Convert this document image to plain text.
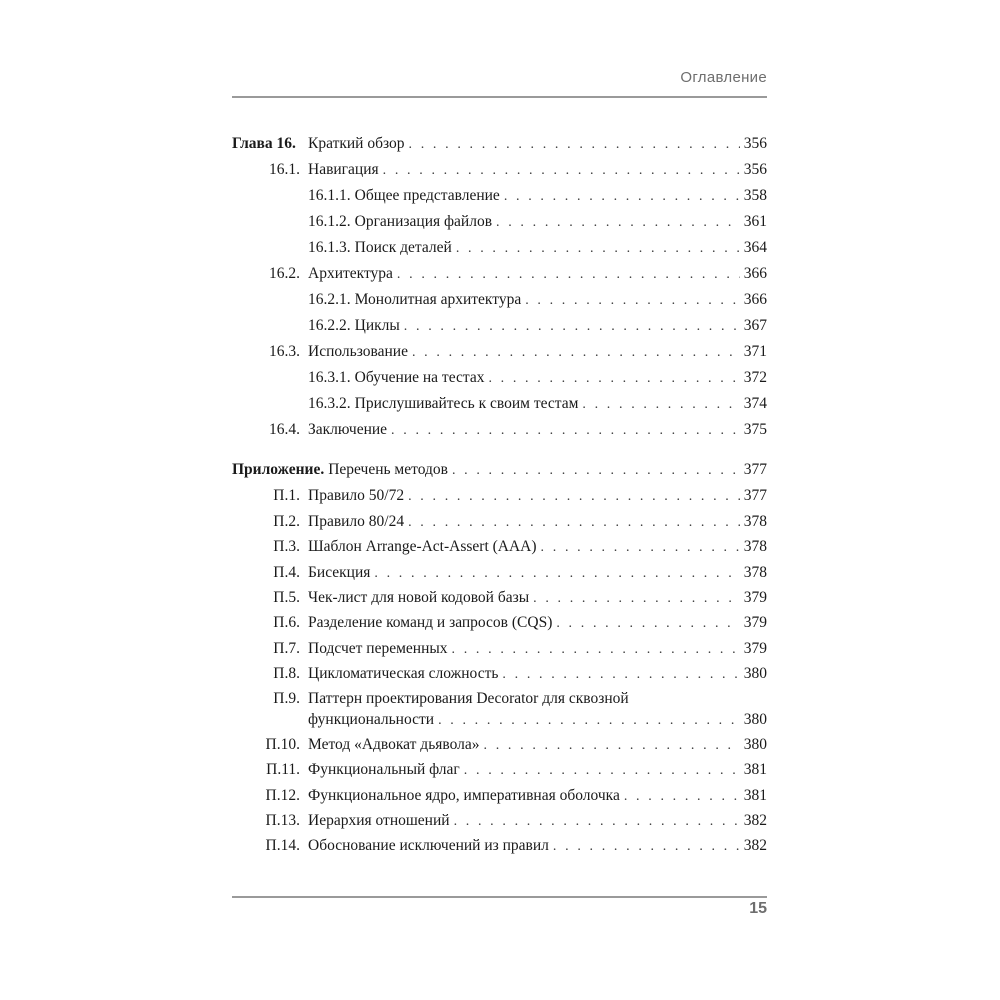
Оглавление
Глава 16. Краткий обзор . . .	356
16.1. Навигация . . .	356
16.1.1. Общее представление . . .	358
16.1.2. Организация файлов . . .	361
16.1.3. Поиск деталей . . .	364
16.2. Архитектура . . .	366
16.2.1. Монолитная архитектура . . .	366
16.2.2. Циклы . . .	367
16.3. Использование . . .	371
16.3.1. Обучение на тестах . . .	372
16.3.2. Прислушивайтесь к своим тестам . . .	374
16.4. Заключение . . .	375
Приложение. Перечень методов . . .	377
П.1. Правило 50/72 . . .	377
П.2. Правило 80/24 . . .	378
П.3. Шаблон Arrange-Act-Assert (AAA) . . .	378
П.4. Бисекция . . .	378
П.5. Чек-лист для новой кодовой базы . . .	379
П.6. Разделение команд и запросов (CQS) . . .	379
П.7. Подсчет переменных . . .	379
П.8. Цикломатическая сложность . . .	380
П.9. Паттерн проектирования Decorator для сквозной
функциональности . . .	380
П.10. Метод «Адвокат дьявола» . . .	380
П.11. Функциональный флаг . . .	381
П.12. Функциональное ядро, императивная оболочка . . .	381
П.13. Иерархия отношений . . .	382
П.14. Обоснование исключений из правил . . .	382
15
